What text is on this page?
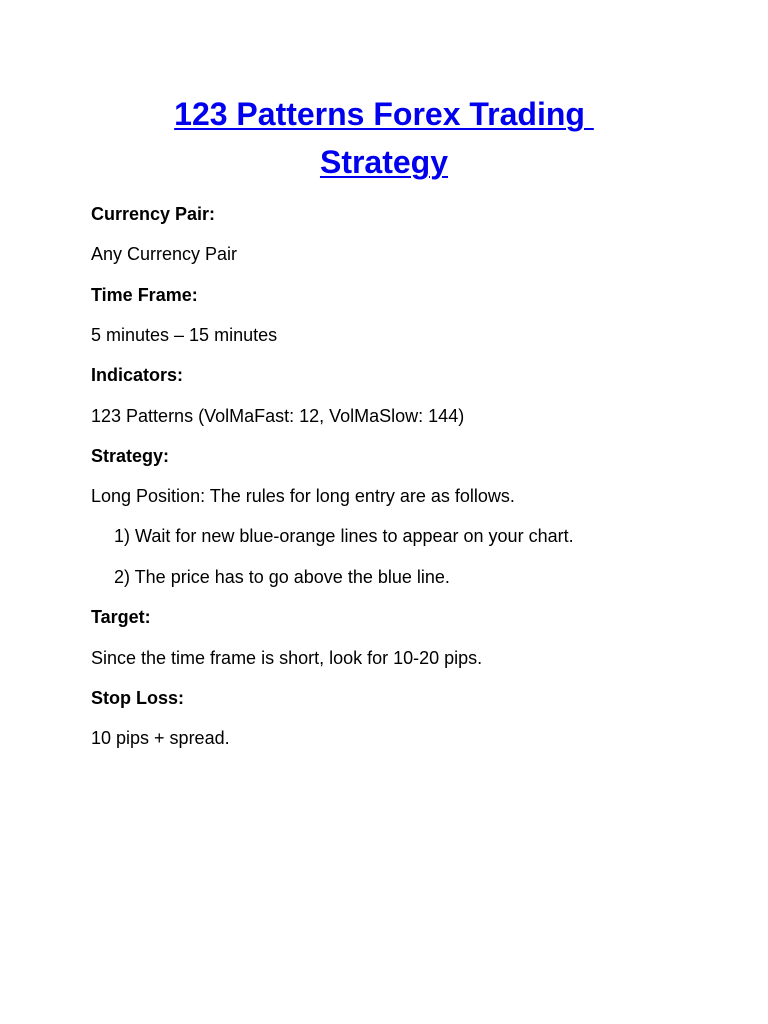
123 Patterns Forex Trading
Strategy

Currency Pair:

Any Currency Pair

Time Frame:

5 minutes – 15 minutes

Indicators:

123 Patterns (VolMaFast: 12, VolMaSlow: 144)

Strategy:

Long Position: The rules for long entry are as follows.

1) Wait for new blue-orange lines to appear on your chart.

2) The price has to go above the blue line.

Target:

Since the time frame is short, look for 10-20 pips.

Stop Loss:

10 pips + spread.
